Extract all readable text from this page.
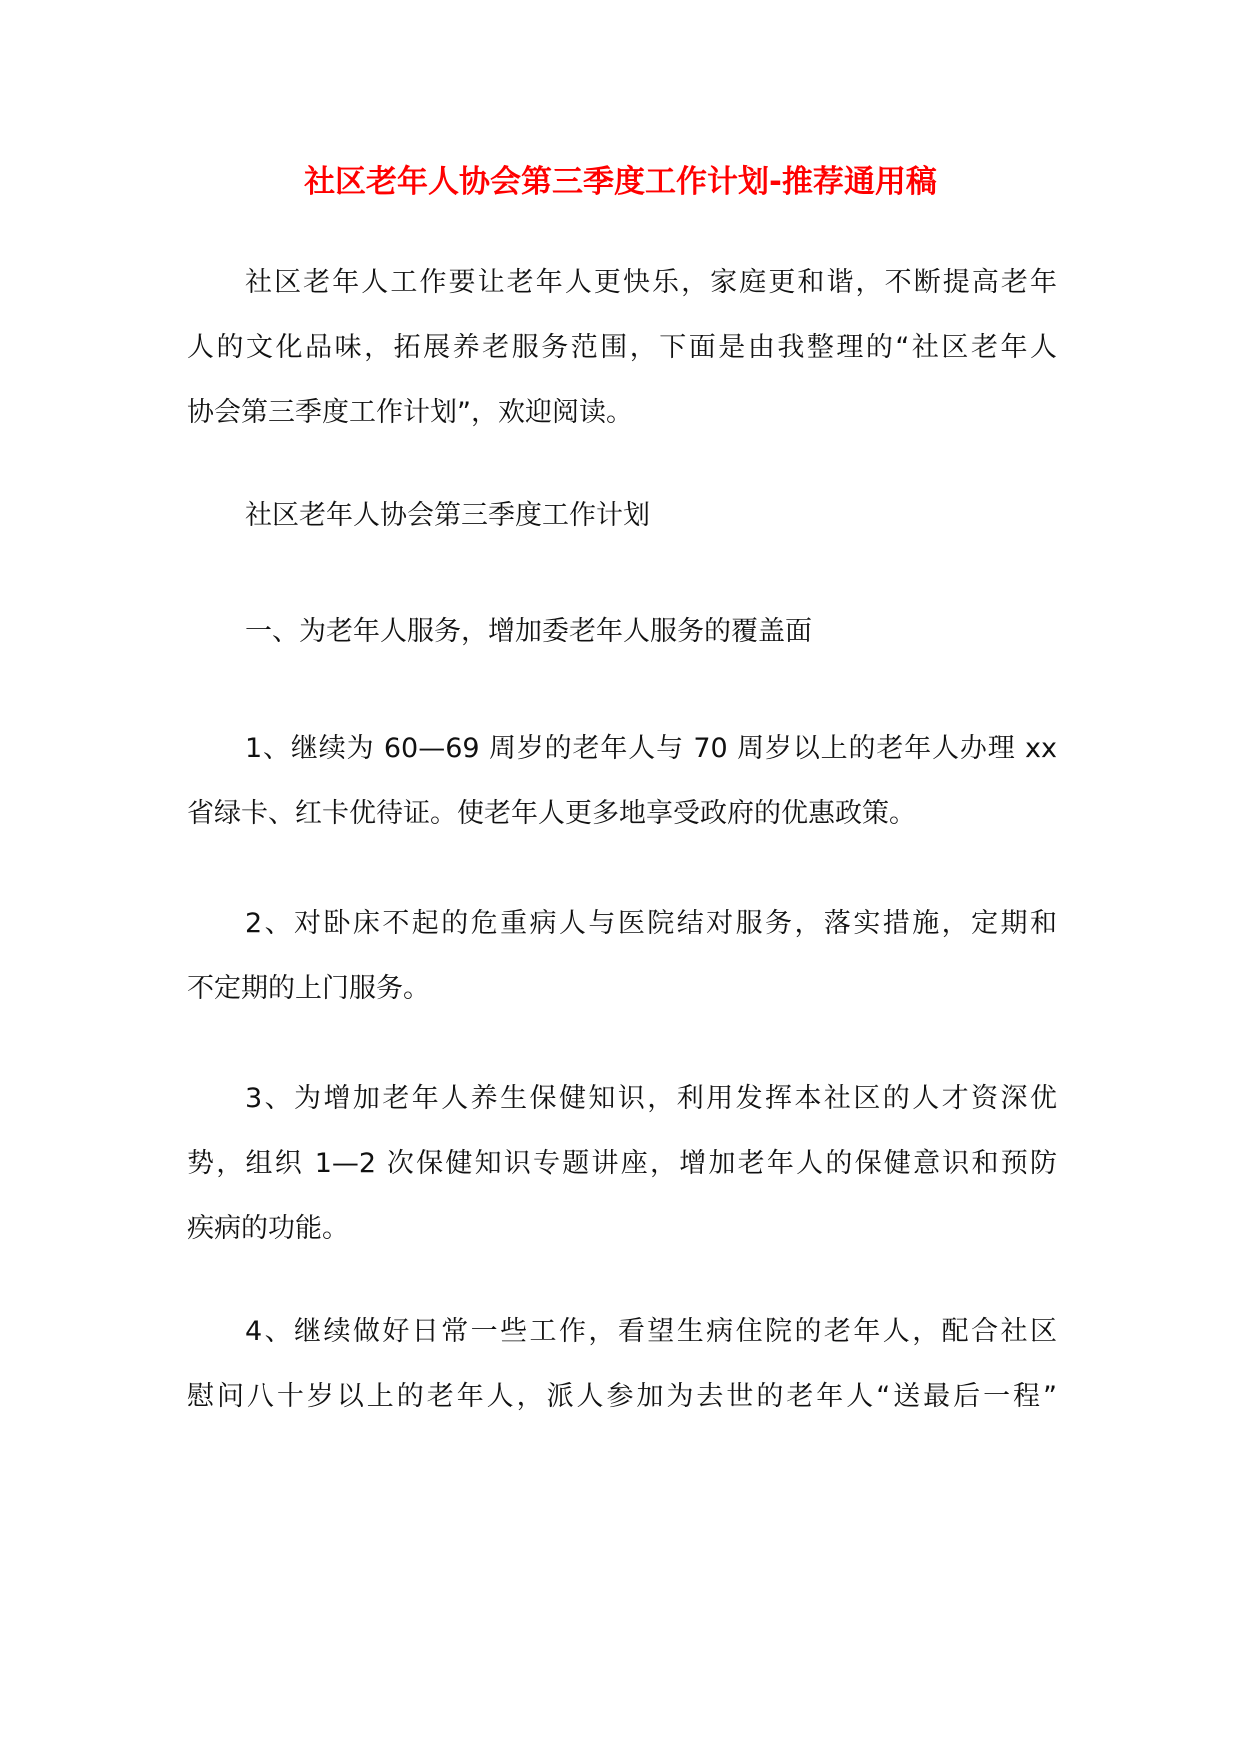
社区老年人协会第三季度工作计划-推荐通用稿
社区老年人工作要让老年人更快乐，家庭更和谐，不断提高老年
人的文化品味，拓展养老服务范围，下面是由我整理的“社区老年人
协会第三季度工作计划”，欢迎阅读。
社区老年人协会第三季度工作计划
一、为老年人服务，增加委老年人服务的覆盖面
1、继续为 60—69 周岁的老年人与 70 周岁以上的老年人办理 xx
省绿卡、红卡优待证。使老年人更多地享受政府的优惠政策。
2、对卧床不起的危重病人与医院结对服务，落实措施，定期和
不定期的上门服务。
3、为增加老年人养生保健知识，利用发挥本社区的人才资深优
势，组织 1—2 次保健知识专题讲座，增加老年人的保健意识和预防
疾病的功能。
4、继续做好日常一些工作，看望生病住院的老年人，配合社区
慰问八十岁以上的老年人，派人参加为去世的老年人“送最后一程”
